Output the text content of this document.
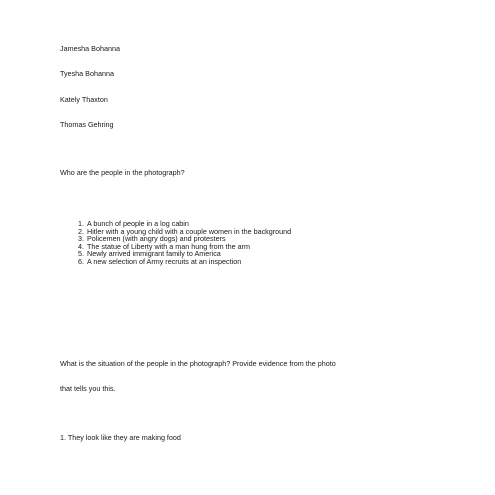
Jamesha Bohanna
Tyesha Bohanna
Kately Thaxton
Thomas Gehring
Who are the people in the photograph?
1. A bunch of people in a log cabin
2. Hitler with a young child with a couple women in the background
3. Policemen (with angry dogs) and protesters
4. The statue of Liberty with a man hung from the arm
5. Newly arrived immigrant family to America
6. A new selection of Army recruits at an inspection
What is the situation of the people in the photograph? Provide evidence from the photo
that tells you this.
1. They look like they are making food
